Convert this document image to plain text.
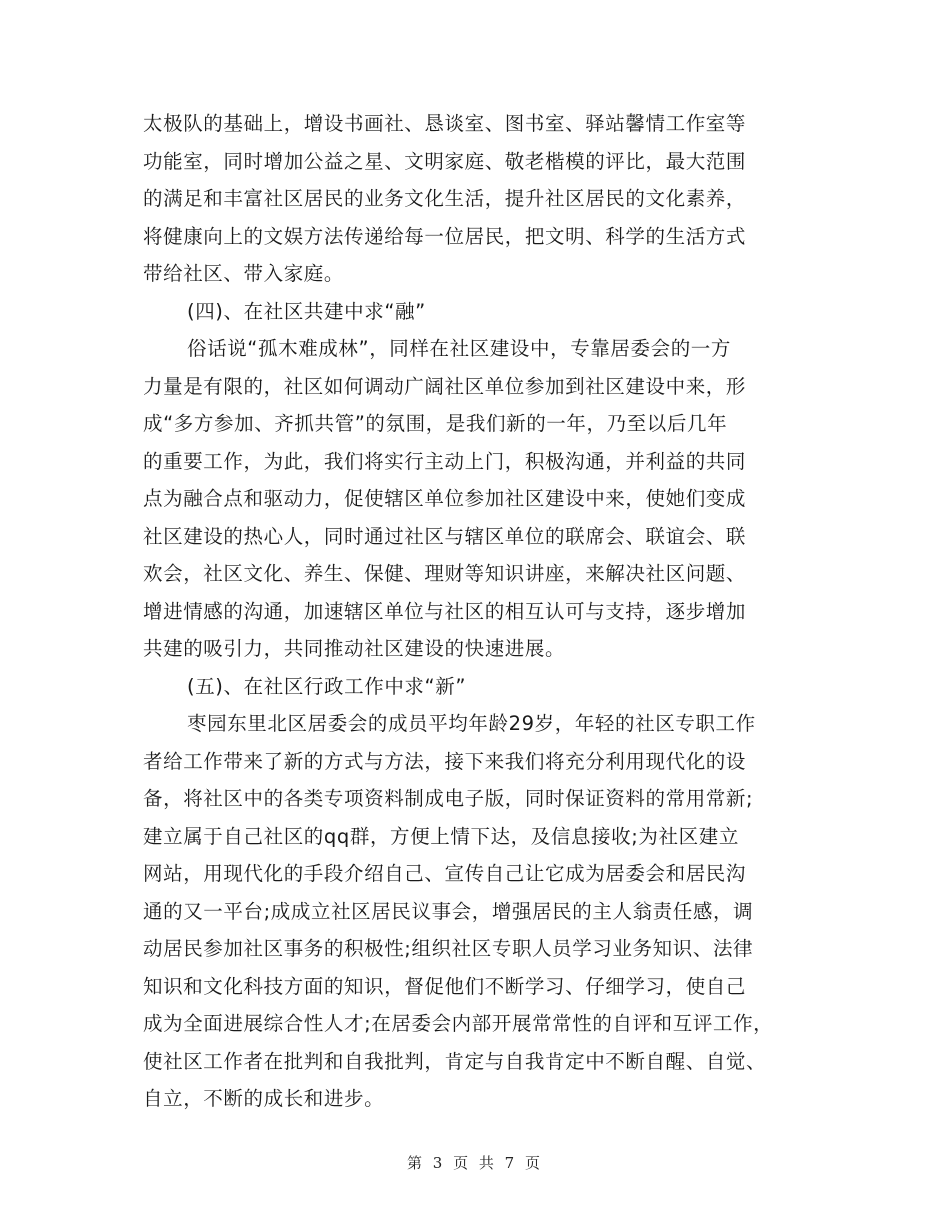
太极队的基础上，增设书画社、恳谈室、图书室、驿站馨情工作室等
功能室，同时增加公益之星、文明家庭、敬老楷模的评比，最大范围
的满足和丰富社区居民的业务文化生活，提升社区居民的文化素养，
将健康向上的文娱方法传递给每一位居民，把文明、科学的生活方式
带给社区、带入家庭。
(四)、在社区共建中求“融”
俗话说“孤木难成林”，同样在社区建设中，专靠居委会的一方
力量是有限的，社区如何调动广阔社区单位参加到社区建设中来，形
成“多方参加、齐抓共管”的氛围，是我们新的一年，乃至以后几年
的重要工作，为此，我们将实行主动上门，积极沟通，并利益的共同
点为融合点和驱动力，促使辖区单位参加社区建设中来，使她们变成
社区建设的热心人，同时通过社区与辖区单位的联席会、联谊会、联
欢会，社区文化、养生、保健、理财等知识讲座，来解决社区问题、
增进情感的沟通，加速辖区单位与社区的相互认可与支持，逐步增加
共建的吸引力，共同推动社区建设的快速进展。
(五)、在社区行政工作中求“新”
枣园东里北区居委会的成员平均年龄29岁，年轻的社区专职工作
者给工作带来了新的方式与方法，接下来我们将充分利用现代化的设
备，将社区中的各类专项资料制成电子版，同时保证资料的常用常新;
建立属于自己社区的qq群，方便上情下达，及信息接收;为社区建立
网站，用现代化的手段介绍自己、宣传自己让它成为居委会和居民沟
通的又一平台;成成立社区居民议事会，增强居民的主人翁责任感，调
动居民参加社区事务的积极性;组织社区专职人员学习业务知识、法律
知识和文化科技方面的知识，督促他们不断学习、仔细学习，使自己
成为全面进展综合性人才;在居委会内部开展常常性的自评和互评工作，
使社区工作者在批判和自我批判，肯定与自我肯定中不断自醒、自觉、
自立，不断的成长和进步。
第 3 页 共 7 页
